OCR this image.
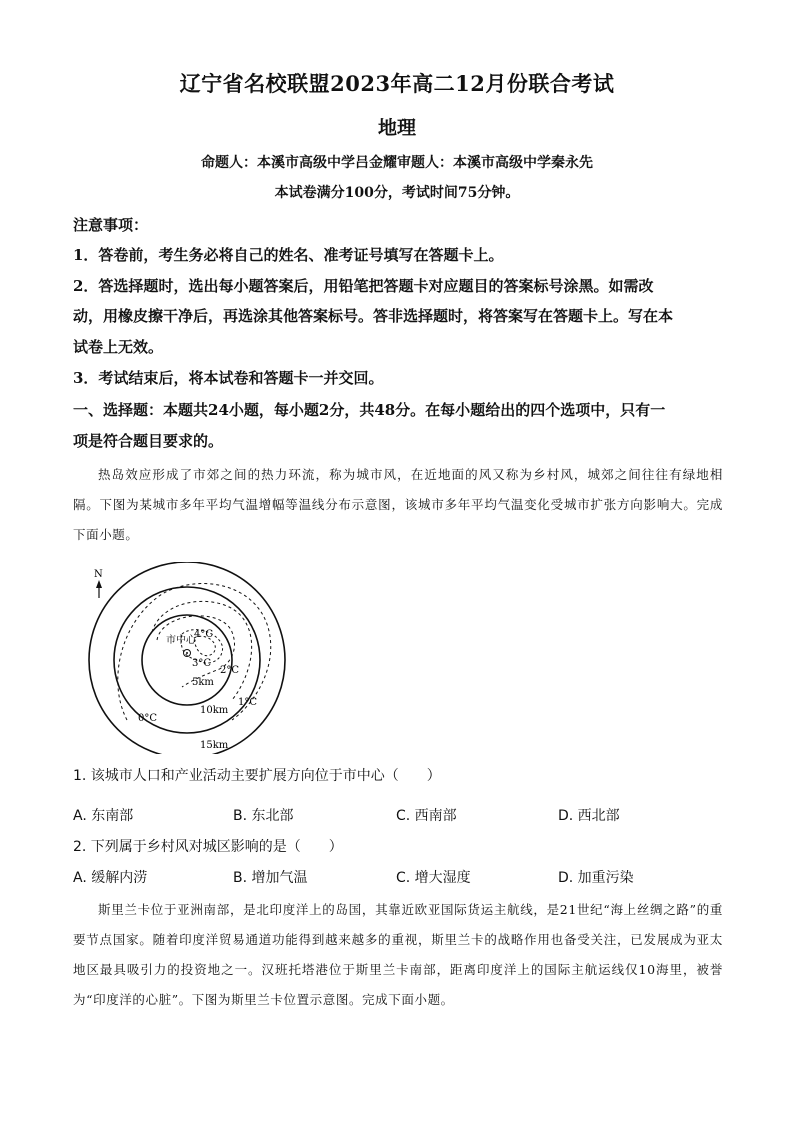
辽宁省名校联盟2023年高二12月份联合考试
地理
命题人：本溪市高级中学吕金耀审题人：本溪市高级中学秦永先
本试卷满分100分，考试时间75分钟。
注意事项：
1．答卷前，考生务必将自己的姓名、准考证号填写在答题卡上。
2．答选择题时，选出每小题答案后，用铅笔把答题卡对应题目的答案标号涂黑。如需改
动，用橡皮擦干净后，再选涂其他答案标号。答非选择题时，将答案写在答题卡上。写在本
试卷上无效。
3．考试结束后，将本试卷和答题卡一并交回。
一、选择题：本题共24小题，每小题2分，共48分。在每小题给出的四个选项中，只有一
项是符合题目要求的。
热岛效应形成了市郊之间的热力环流，称为城市风，在近地面的风又称为乡村风，城郊之间往往有绿地相隔。下图为某城市多年平均气温增幅等温线分布示意图，该城市多年平均气温变化受城市扩张方向影响大。完成下面小题。
N
市中心
4°C
3°C
2°C
1°C
0°C
5km
10km
15km
1. 该城市人口和产业活动主要扩展方向位于市中心（　　）
A. 东南部	B. 东北部	C. 西南部	D. 西北部
2. 下列属于乡村风对城区影响的是（　　）
A. 缓解内涝	B. 增加气温	C. 增大湿度	D. 加重污染
斯里兰卡位于亚洲南部，是北印度洋上的岛国，其靠近欧亚国际货运主航线，是21世纪“海上丝绸之路”的重要节点国家。随着印度洋贸易通道功能得到越来越多的重视，斯里兰卡的战略作用也备受关注，已发展成为亚太地区最具吸引力的投资地之一。汉班托塔港位于斯里兰卡南部，距离印度洋上的国际主航运线仅10海里，被誉为“印度洋的心脏”。下图为斯里兰卡位置示意图。完成下面小题。
